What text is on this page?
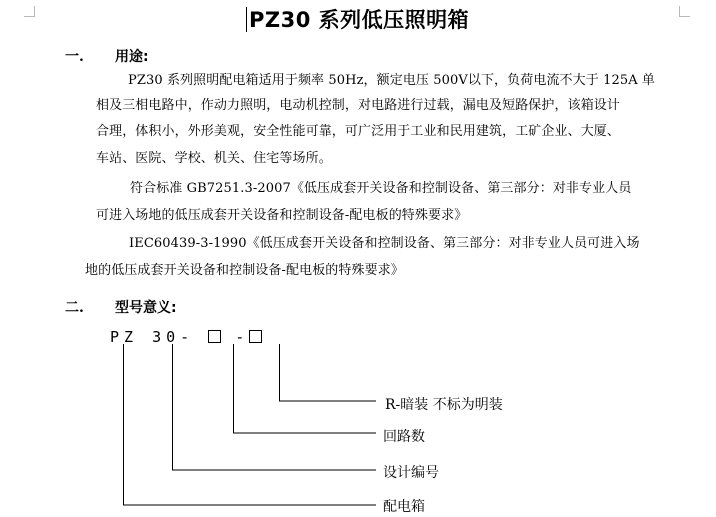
PZ30 系列低压照明箱
一. 用途:
PZ30 系列照明配电箱适用于频率 50Hz，额定电压 500V以下，负荷电流不大于 125A 单
相及三相电路中，作动力照明，电动机控制，对电路进行过载，漏电及短路保护，该箱设计
合理，体积小，外形美观，安全性能可靠，可广泛用于工业和民用建筑，工矿企业、大厦、
车站、医院、学校、机关、住宅等场所。
符合标准 GB7251.3-2007《低压成套开关设备和控制设备、第三部分：对非专业人员
可进入场地的低压成套开关设备和控制设备-配电板的特殊要求》
IEC60439-3-1990《低压成套开关设备和控制设备、第三部分：对非专业人员可进入场
地的低压成套开关设备和控制设备-配电板的特殊要求》
二. 型号意义:
PZ 30-	-
R-暗装 不标为明装
回路数
设计编号
配电箱
